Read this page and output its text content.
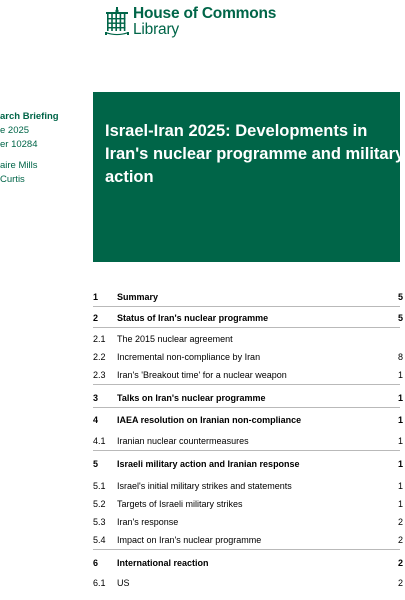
House of Commons
Library
arch Briefing
e 2025
er 10284
aire Mills
Curtis
Israel-Iran 2025: Developments in Iran's nuclear programme and military action
1 Summary	5
2 Status of Iran's nuclear programme	5
2.1 The 2015 nuclear agreement
2.2 Incremental non-compliance by Iran	8
2.3 Iran's 'Breakout time' for a nuclear weapon	1
3 Talks on Iran's nuclear programme	1
4 IAEA resolution on Iranian non-compliance	1
4.1 Iranian nuclear countermeasures	1
5 Israeli military action and Iranian response	1
5.1 Israel's initial military strikes and statements	1
5.2 Targets of Israeli military strikes	1
5.3 Iran's response	2
5.4 Impact on Iran's nuclear programme	2
6 International reaction	2
6.1 US	2
